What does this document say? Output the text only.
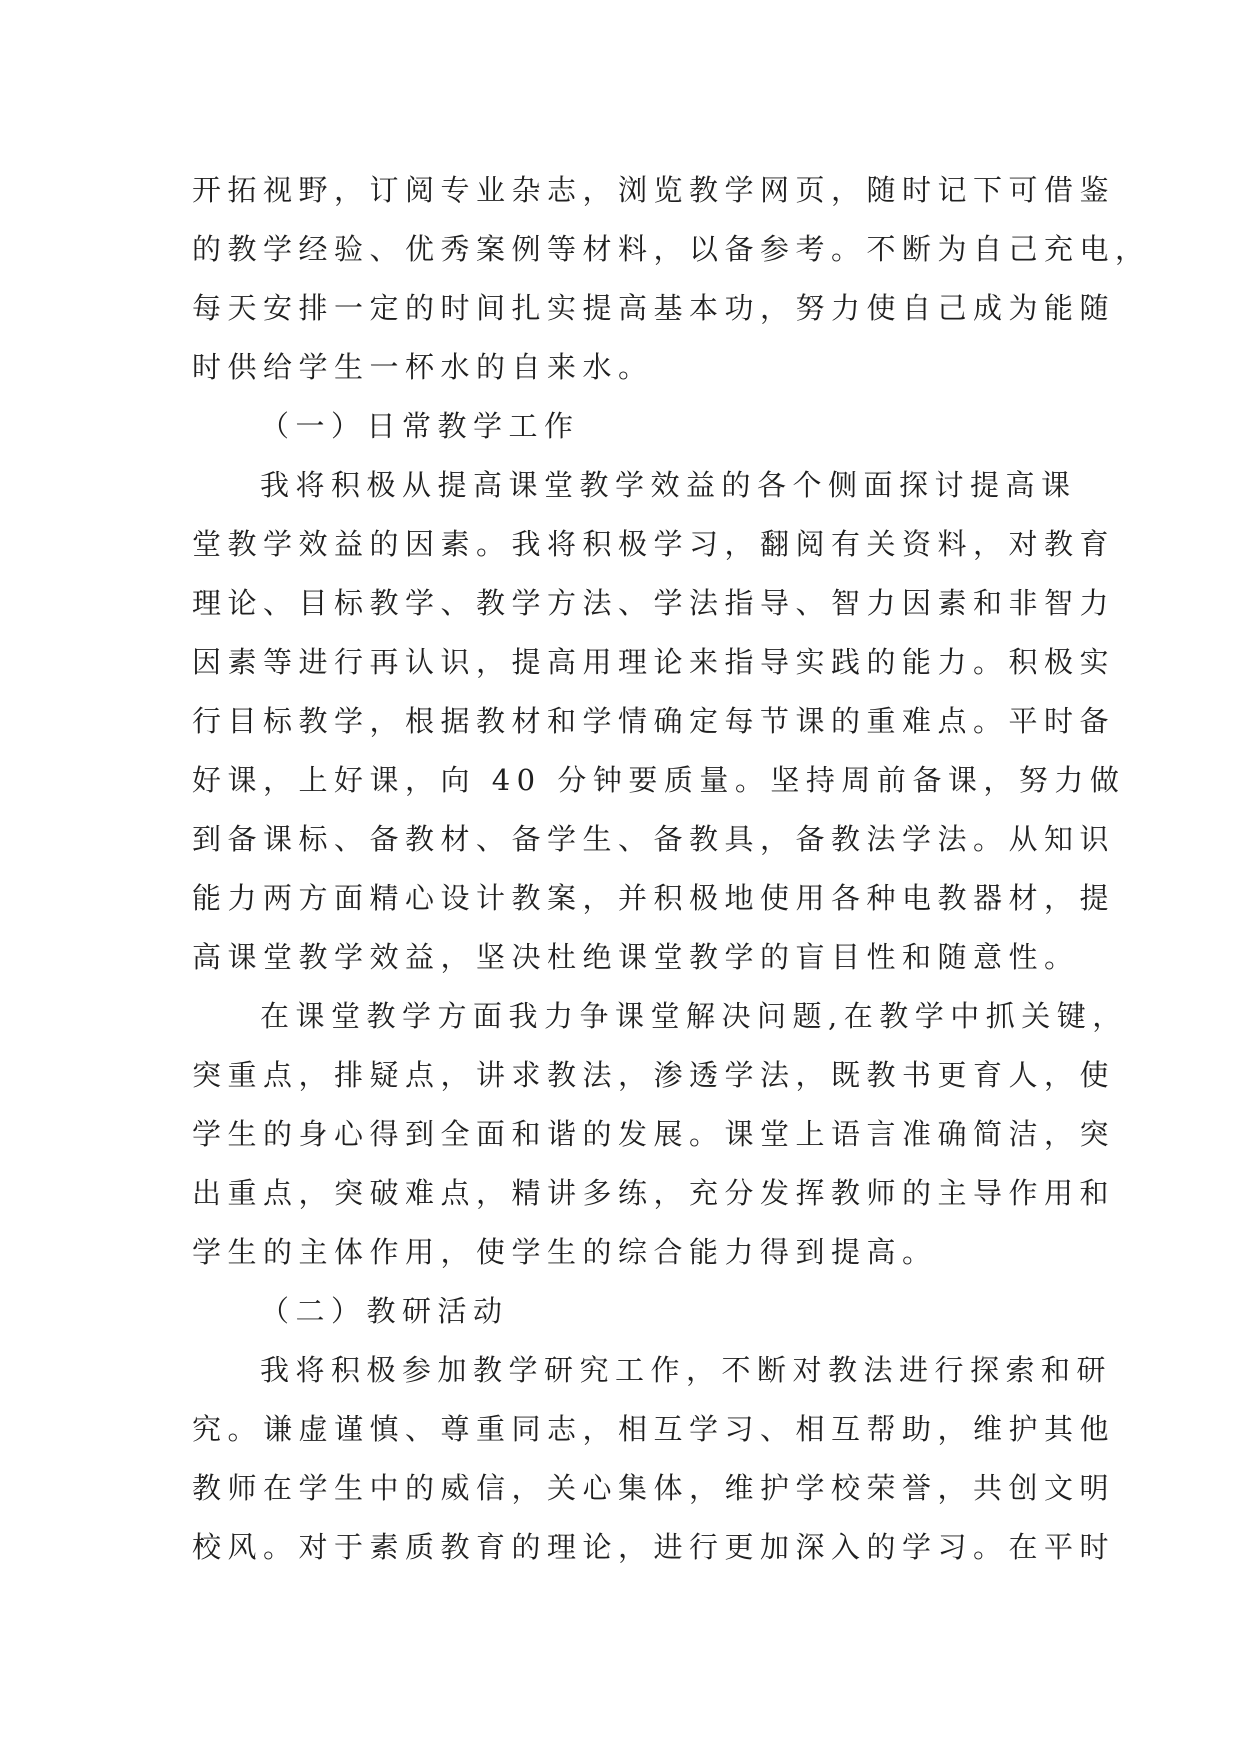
开拓视野，订阅专业杂志，浏览教学网页，随时记下可借鉴
的教学经验、优秀案例等材料，以备参考。不断为自己充电，
每天安排一定的时间扎实提高基本功，努力使自己成为能随
时供给学生一杯水的自来水。
（一）日常教学工作
我将积极从提高课堂教学效益的各个侧面探讨提高课
堂教学效益的因素。我将积极学习，翻阅有关资料，对教育
理论、目标教学、教学方法、学法指导、智力因素和非智力
因素等进行再认识，提高用理论来指导实践的能力。积极实
行目标教学，根据教材和学情确定每节课的重难点。平时备
好课，上好课，向 40 分钟要质量。坚持周前备课，努力做
到备课标、备教材、备学生、备教具，备教法学法。从知识
能力两方面精心设计教案，并积极地使用各种电教器材，提
高课堂教学效益，坚决杜绝课堂教学的盲目性和随意性。
在课堂教学方面我力争课堂解决问题,在教学中抓关键，
突重点，排疑点，讲求教法，渗透学法，既教书更育人，使
学生的身心得到全面和谐的发展。课堂上语言准确简洁，突
出重点，突破难点，精讲多练，充分发挥教师的主导作用和
学生的主体作用，使学生的综合能力得到提高。
（二）教研活动
我将积极参加教学研究工作，不断对教法进行探索和研
究。谦虚谨慎、尊重同志，相互学习、相互帮助，维护其他
教师在学生中的威信，关心集体，维护学校荣誉，共创文明
校风。对于素质教育的理论，进行更加深入的学习。在平时
